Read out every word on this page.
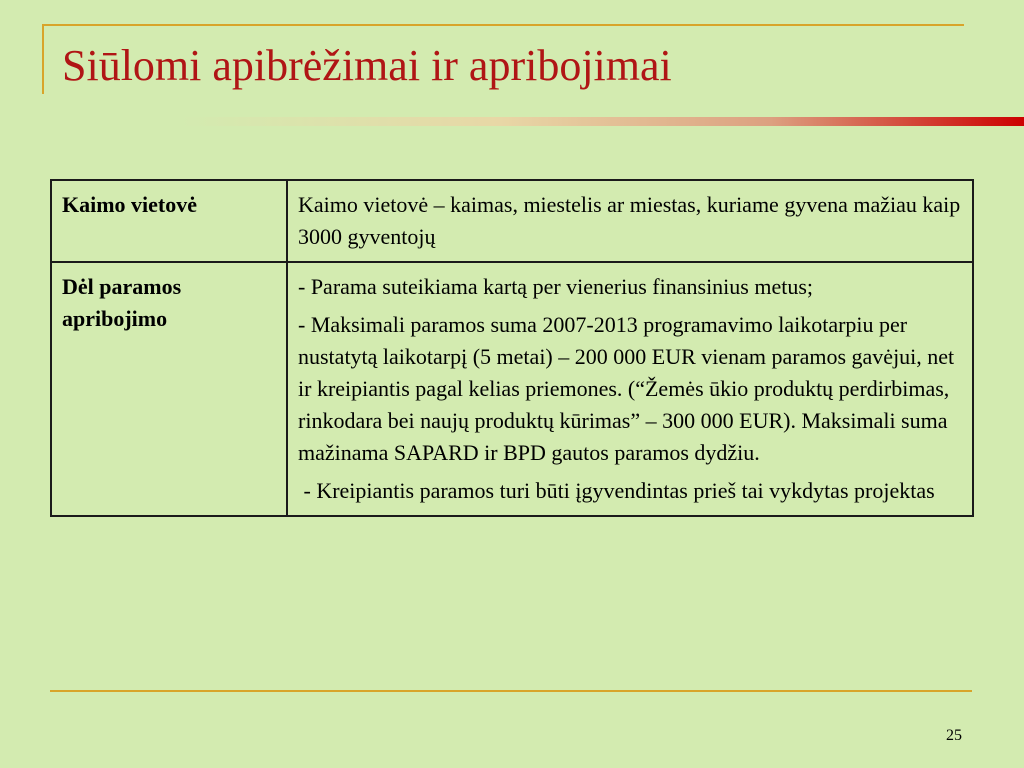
Siūlomi apibrėžimai ir apribojimai
Kaimo vietovė	Kaimo vietovė – kaimas, miestelis ar miestas, kuriame gyvena mažiau kaip 3000 gyventojų

Dėl paramos apribojimo	- Parama suteikiama kartą per vienerius finansinius metus;

- Maksimali paramos suma 2007-2013 programavimo laikotarpiu per nustatytą laikotarpį (5 metai) – 200 000 EUR vienam paramos gavėjui, net ir kreipiantis pagal kelias priemones. (“Žemės ūkio produktų perdirbimas, rinkodara bei naujų produktų kūrimas” – 300 000 EUR). Maksimali suma mažinama SAPARD ir BPD gautos paramos dydžiu.

- Kreipiantis paramos turi būti įgyvendintas prieš tai vykdytas projektas

25
